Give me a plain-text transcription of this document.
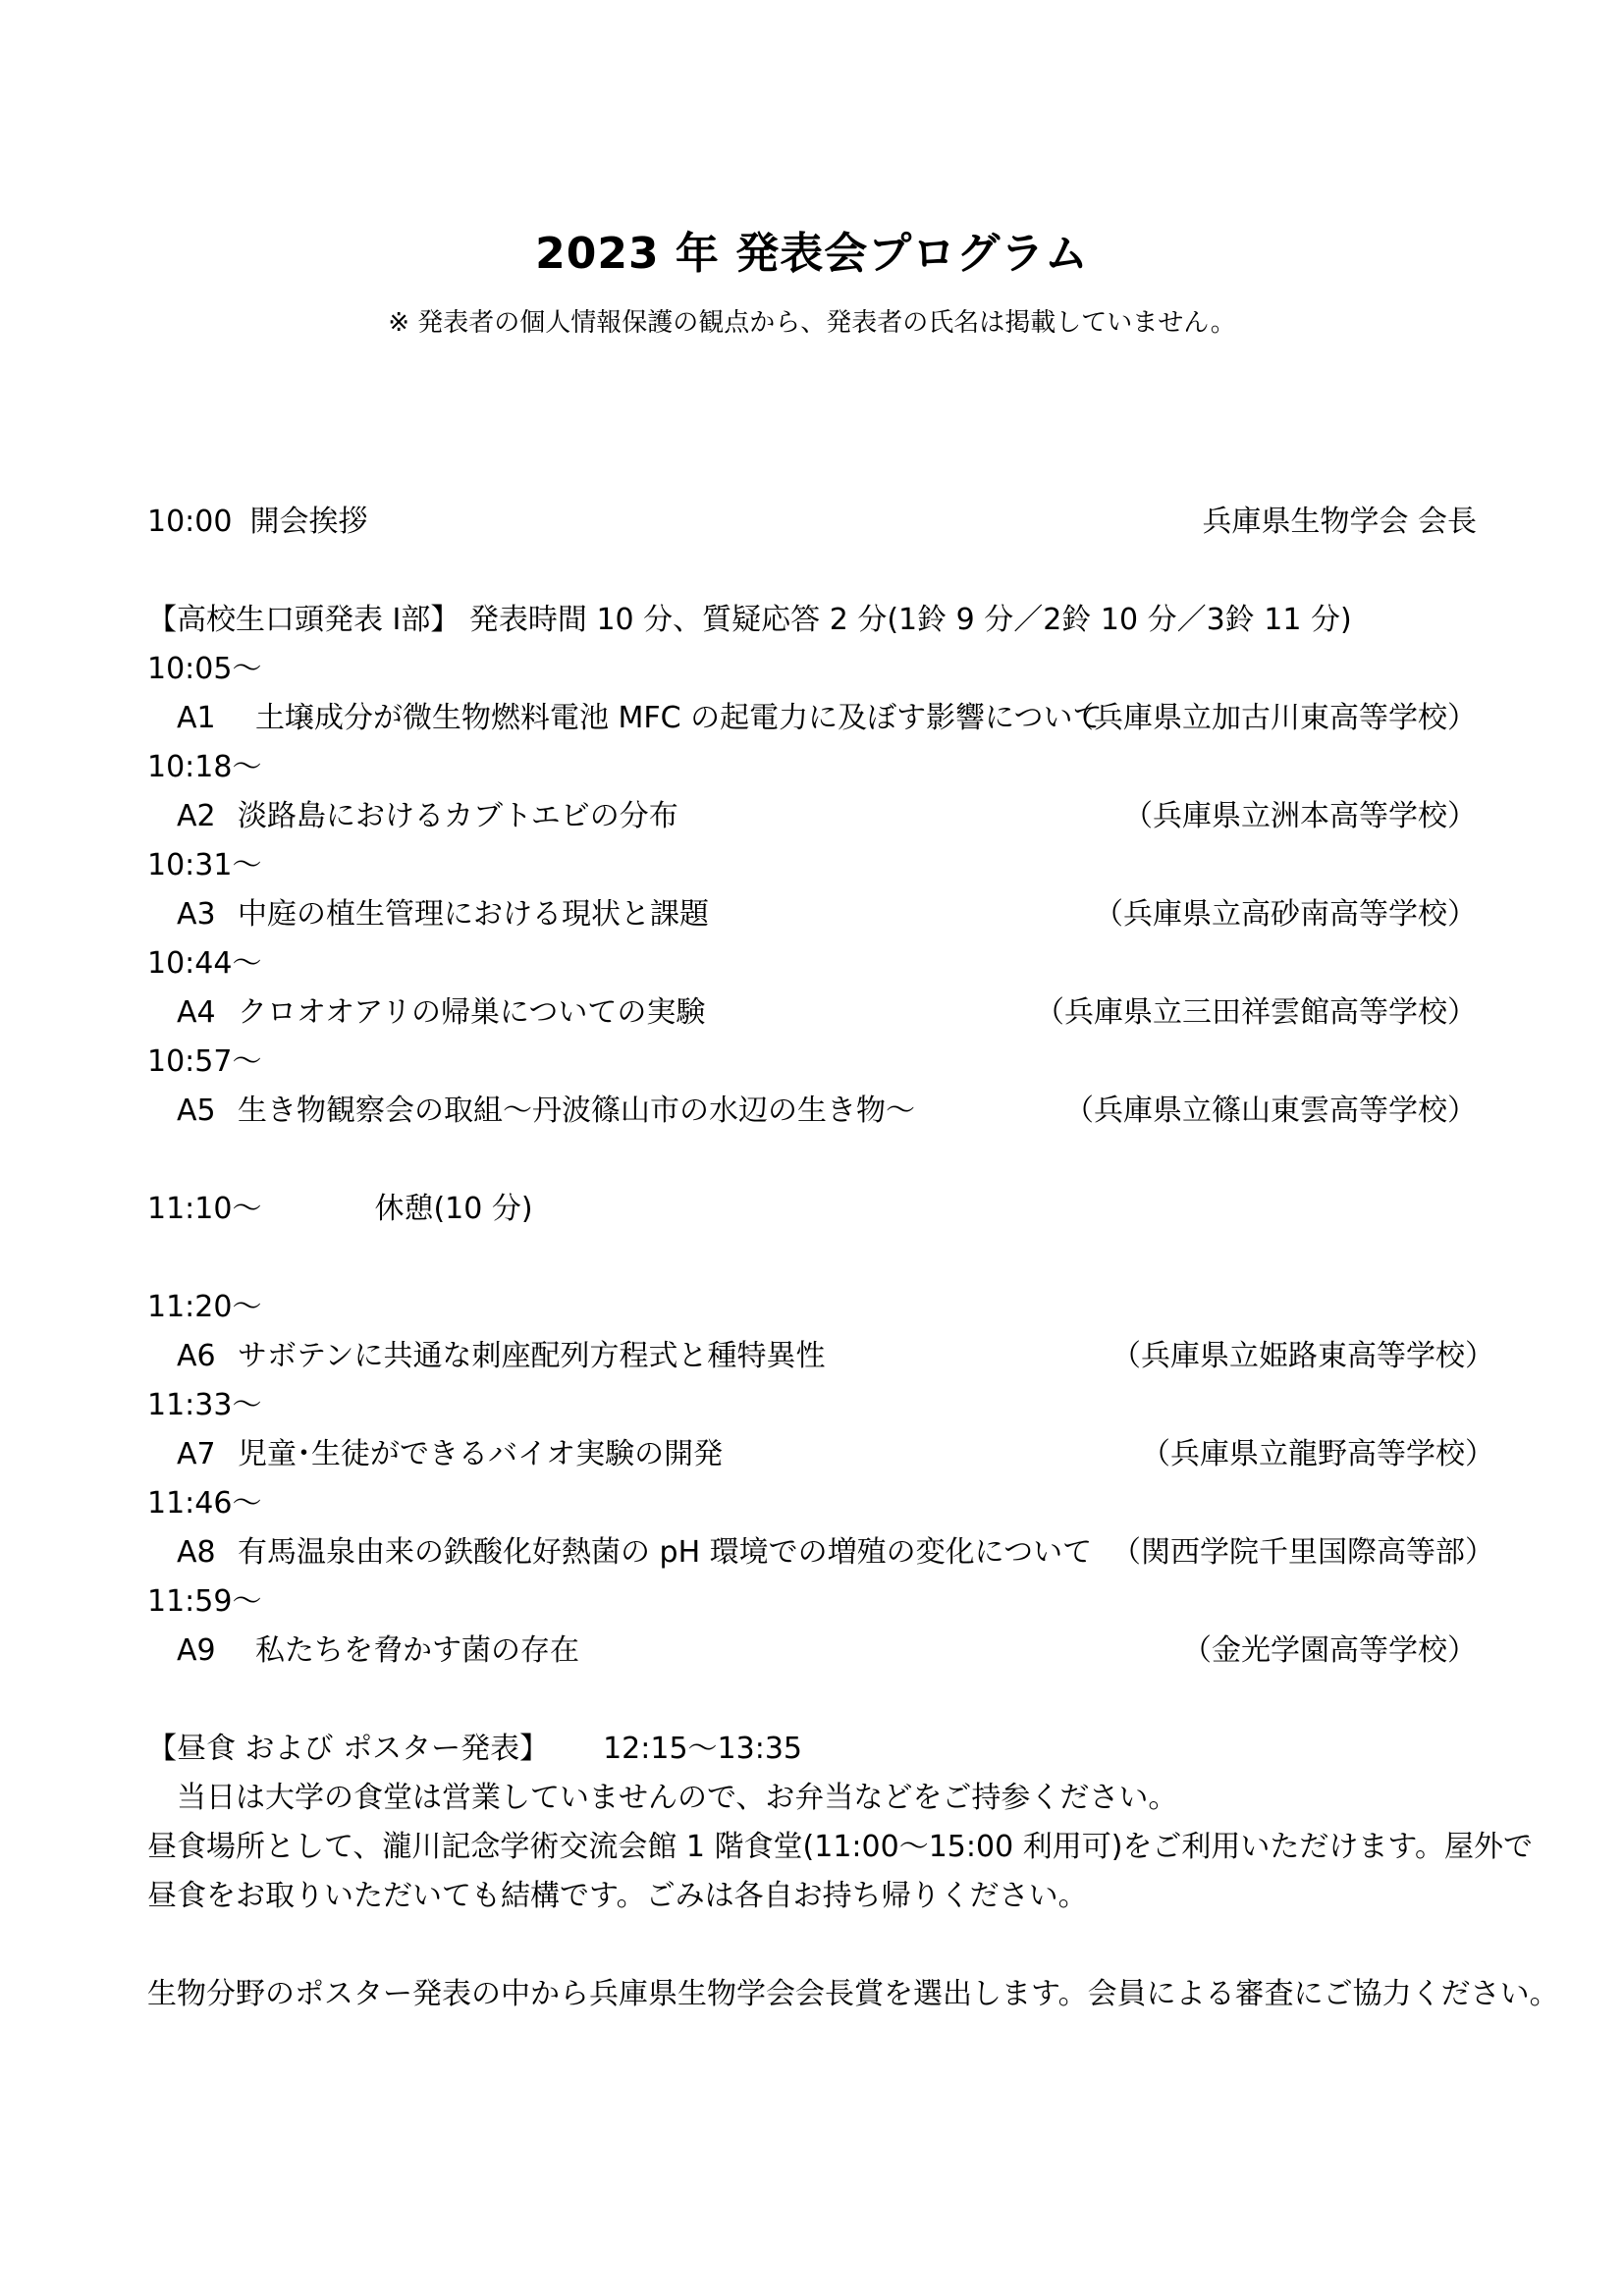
2023 年 発表会プログラム
※ 発表者の個人情報保護の観点から、発表者の氏名は掲載していません。
10:00 開会挨拶	兵庫県生物学会 会長
【高校生口頭発表 Ⅰ部】 発表時間 10 分、質疑応答 2 分(1鈴 9 分／2鈴 10 分／3鈴 11 分)
10:05～
A1 土壌成分が微生物燃料電池 MFC の起電力に及ぼす影響について
（兵庫県立加古川東高等学校）
10:18～
A2 淡路島におけるカブトエビの分布	（兵庫県立洲本高等学校）
10:31～
A3 中庭の植生管理における現状と課題	（兵庫県立高砂南高等学校）
10:44～
A4 クロオオアリの帰巣についての実験	（兵庫県立三田祥雲館高等学校）
10:57～
A5 生き物観察会の取組～丹波篠山市の水辺の生き物～	（兵庫県立篠山東雲高等学校）
11:10～	休憩(10 分)
11:20～
A6 サボテンに共通な刺座配列方程式と種特異性	（兵庫県立姫路東高等学校）
11:33～
A7 児童･生徒ができるバイオ実験の開発	（兵庫県立龍野高等学校）
11:46～
A8 有馬温泉由来の鉄酸化好熱菌の pH 環境での増殖の変化について （関西学院千里国際高等部）
11:59～
A9 私たちを脅かす菌の存在	（金光学園高等学校）
【昼食 および ポスター発表】 12:15～13:35
当日は大学の食堂は営業していませんので、お弁当などをご持参ください。
昼食場所として、瀧川記念学術交流会館 1 階食堂(11:00～15:00 利用可)をご利用いただけます。屋外で
昼食をお取りいただいても結構です。ごみは各自お持ち帰りください。
生物分野のポスター発表の中から兵庫県生物学会会長賞を選出します。会員による審査にご協力ください。
